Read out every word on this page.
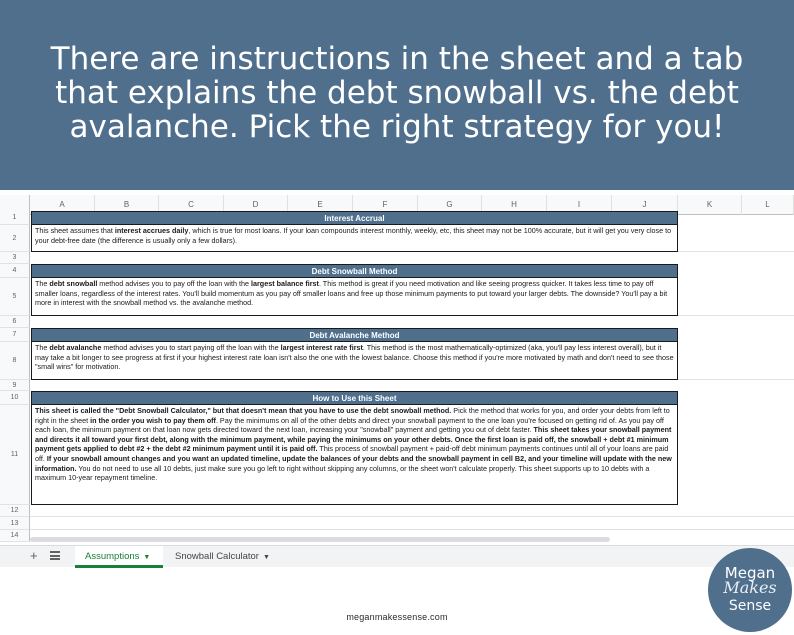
There are instructions in the sheet and a tab that explains the debt snowball vs. the debt avalanche. Pick the right strategy for you!
A	B	C	D	E	F	G	H	I	J	K	L
1
2
3
4
5
6
7
8
9
10
11
12
13
14
Interest Accrual
This sheet assumes that interest accrues daily, which is true for most loans. If your loan compounds interest monthly, weekly, etc, this sheet may not be 100% accurate, but it will get you very close to your debt-free date (the difference is usually only a few dollars).
Debt Snowball Method
The debt snowball method advises you to pay off the loan with the largest balance first. This method is great if you need motivation and like seeing progress quicker. It takes less time to pay off smaller loans, regardless of the interest rates. You'll build momentum as you pay off smaller loans and free up those minimum payments to put toward your larger debts. The downside? You'll pay a bit more in interest with the snowball method vs. the avalanche method.
Debt Avalanche Method
The debt avalanche method advises you to start paying off the loan with the largest interest rate first. This method is the most mathematically-optimized (aka, you'll pay less interest overall), but it may take a bit longer to see progress at first if your highest interest rate loan isn't also the one with the lowest balance. Choose this method if you're more motivated by math and don't need to see those "small wins" for motivation.
How to Use this Sheet
This sheet is called the "Debt Snowball Calculator," but that doesn't mean that you have to use the debt snowball method. Pick the method that works for you, and order your debts from left to right in the sheet in the order you wish to pay them off. Pay the minimums on all of the other debts and direct your snowball payment to the one loan you're focused on getting rid of. As you pay off each loan, the minimum payment on that loan now gets directed toward the next loan, increasing your "snowball" payment and getting you out of debt faster. This sheet takes your snowball payment and directs it all toward your first debt, along with the minimum payment, while paying the minimums on your other debts. Once the first loan is paid off, the snowball + debt #1 minimum payment gets applied to debt #2 + the debt #2 minimum payment until it is paid off. This process of snowball payment + paid-off debt minimum payments continues until all of your loans are paid off. If your snowball amount changes and you want an updated timeline, update the balances of your debts and the snowball payment in cell B2, and your timeline will update with the new information. You do not need to use all 10 debts, just make sure you go left to right without skipping any columns, or the sheet won't calculate properly. This sheet supports up to 10 debts with a maximum 10-year repayment timeline.
+	Assumptions ▼	Snowball Calculator ▼
meganmakessense.com
Megan
Makes
Sense
